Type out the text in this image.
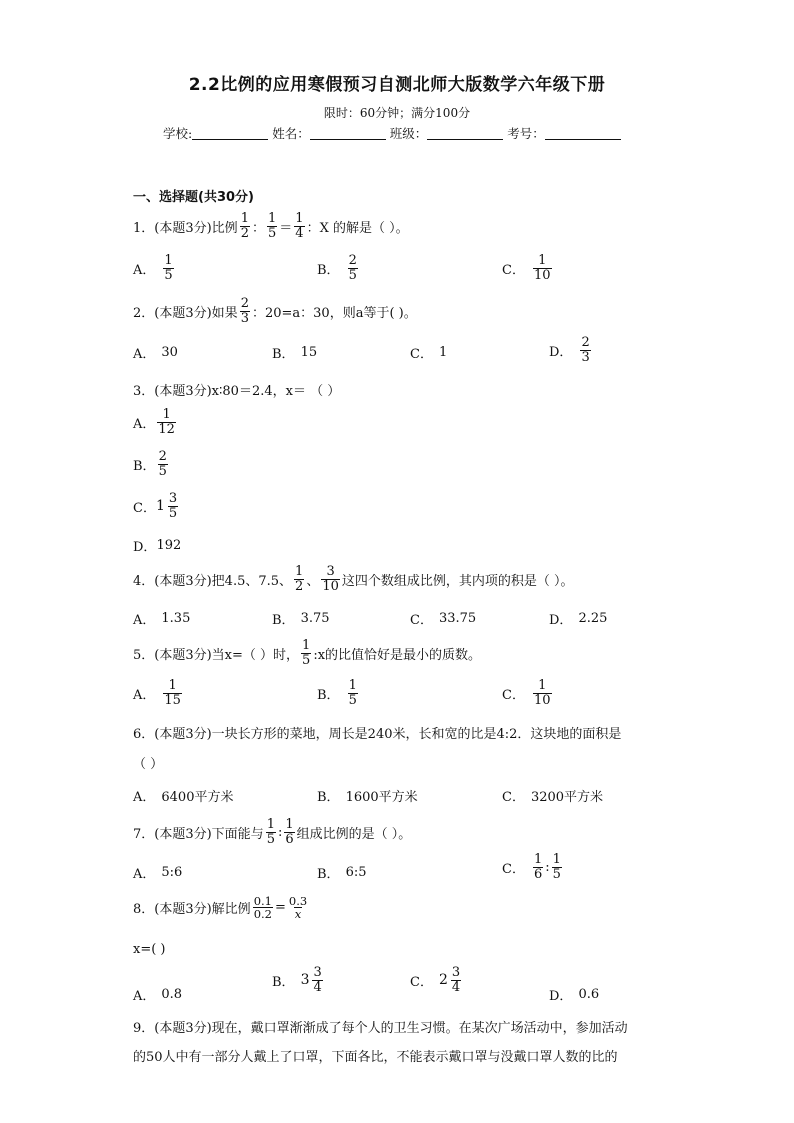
2.2比例的应用寒假预习自测北师大版数学六年级下册
限时：60分钟；满分100分
学校:	姓名：	班级：	考号：
一、选择题(共30分)
1．(本题3分)比例 $\frac{1}{2}$ ： $\frac{1}{5} = \frac{1}{4}$ ： X 的解是（ ）。
A． $\frac{1}{5}$	B． $\frac{2}{5}$	C． $\frac{1}{10}$
2．(本题3分)如果 $\frac{2}{3}$ ：20=a：30，则a等于( )。
A． 30	B． 15	C． 1	D． $\frac{2}{3}$
3．(本题3分)x∶80＝2.4，x＝ （ ）
A． $\frac{1}{12}$
B． $\frac{2}{5}$
C． $1 \frac{3}{5}$
D． 192
4．(本题3分)把4.5、7.5、 $\frac{1}{2}$ 、 $\frac{3}{10}$ 这四个数组成比例，其内项的积是（ ）。
A． 1.35	B． 3.75	C． 33.75	D． 2.25
5．(本题3分)当x=（ ）时， $\frac{1}{5}$ :x的比值恰好是最小的质数。
A． $\frac{1}{15}$	B． $\frac{1}{5}$	C． $\frac{1}{10}$
6．(本题3分)一块长方形的菜地，周长是240米，长和宽的比是4:2．这块地的面积是
（ ）
A． 6400平方米	B． 1600平方米	C． 3200平方米
7．(本题3分)下面能与 $\frac{1}{5}$ : $\frac{1}{6}$ 组成比例的是（ ）。
A． 5:6	B． 6:5	C． $\frac{1}{6}$ : $\frac{1}{5}$
8．(本题3分)解比例 $\frac{0.1}{0.2} = \frac{0.3}{x}$
x=( )
A． 0.8
B． $3 \frac{3}{4}$	C． $2 \frac{3}{4}$
D． 0.6
9．(本题3分)现在，戴口罩渐渐成了每个人的卫生习惯。在某次广场活动中，参加活动
的50人中有一部分人戴上了口罩，下面各比，不能表示戴口罩与没戴口罩人数的比的
